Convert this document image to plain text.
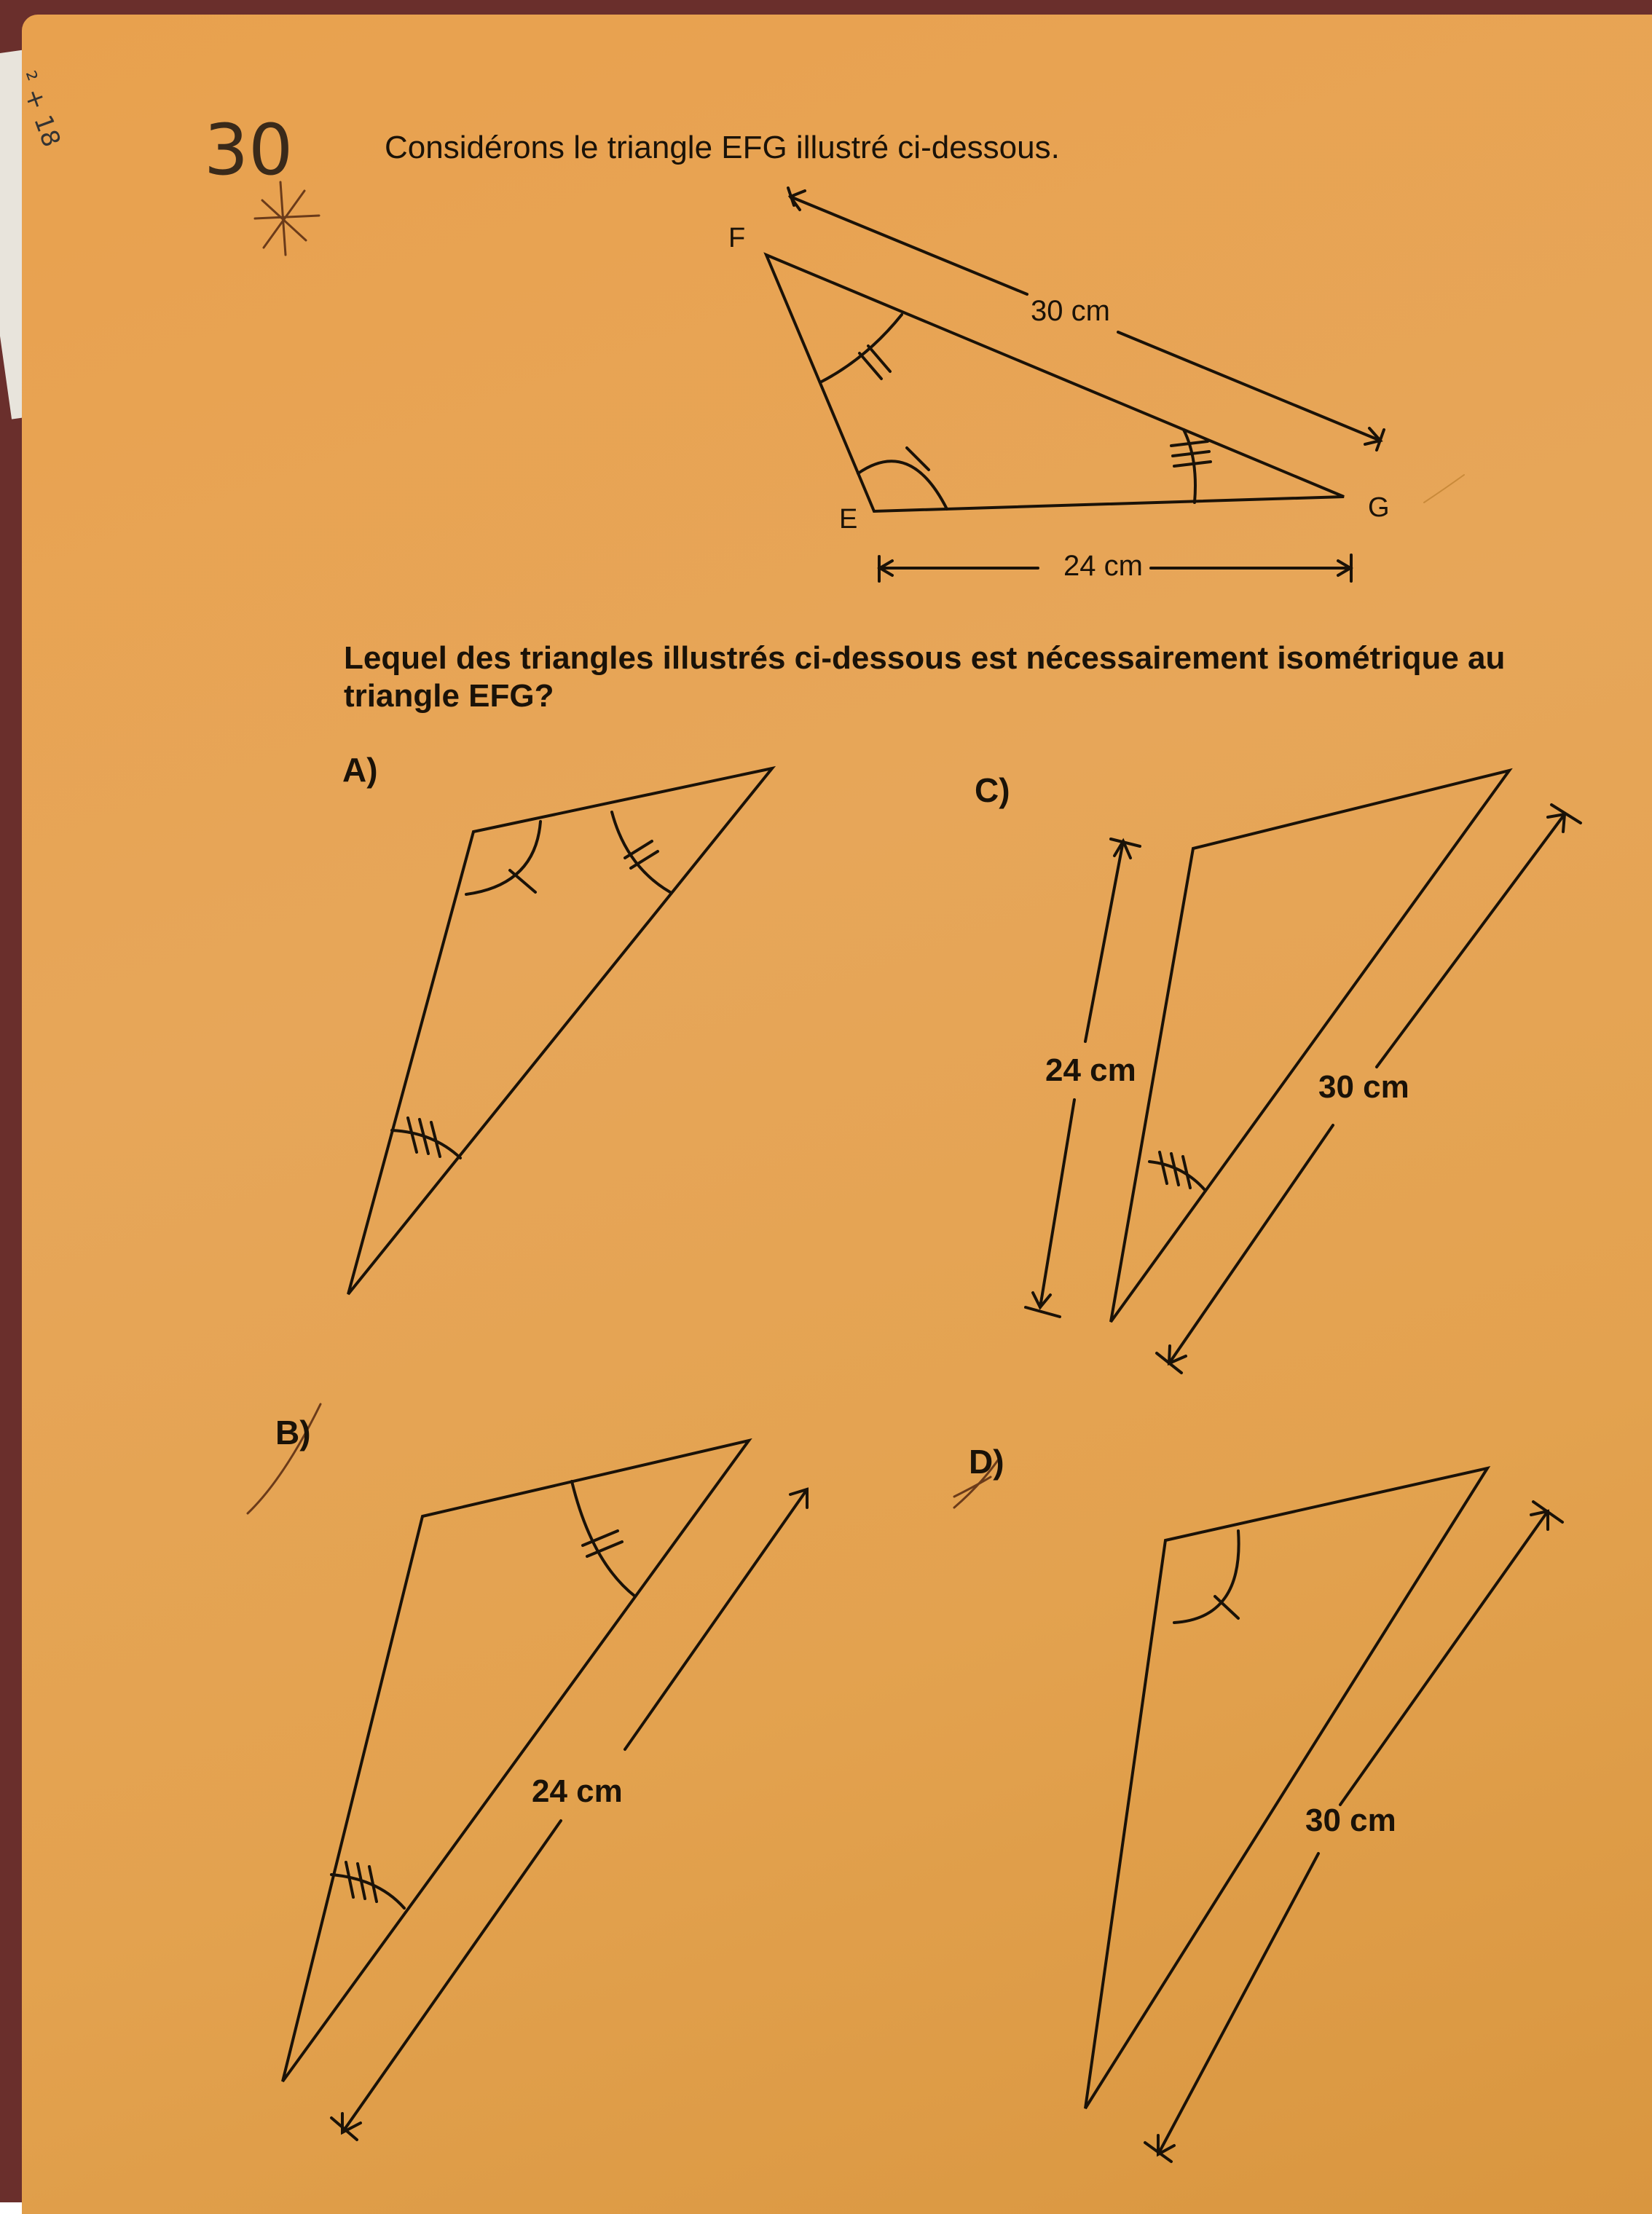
² + 18 30	Considérons le triangle EFG illustré ci-dessous.
Lequel des triangles illustrés ci-dessous est nécessairement isométrique au triangle EFG?
F
E	G
30 cm
24 cm
A)
C)
B)
D)
24 cm	30 cm
24 cm
30 cm
